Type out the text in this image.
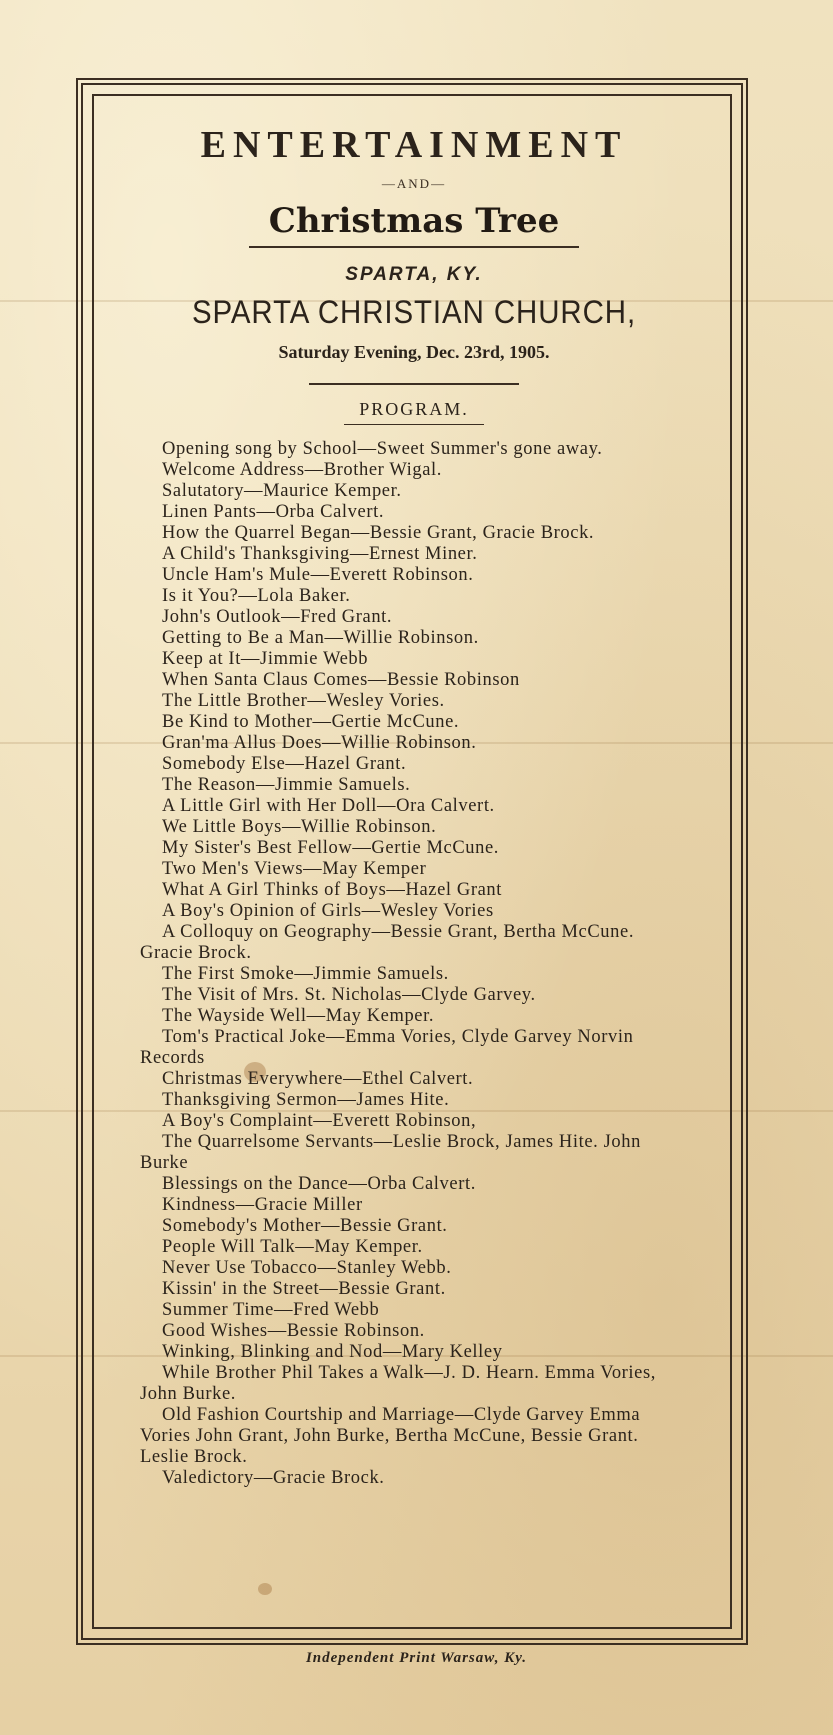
ENTERTAINMENT
—AND—
Christmas Tree
SPARTA, KY.
SPARTA CHRISTIAN CHURCH,
Saturday Evening, Dec. 23rd, 1905.
PROGRAM.
Opening song by School—Sweet Summer's gone away.
Welcome Address—Brother Wigal.
Salutatory—Maurice Kemper.
Linen Pants—Orba Calvert.
How the Quarrel Began—Bessie Grant, Gracie Brock.
A Child's Thanksgiving—Ernest Miner.
Uncle Ham's Mule—Everett Robinson.
Is it You?—Lola Baker.
John's Outlook—Fred Grant.
Getting to Be a Man—Willie Robinson.
Keep at It—Jimmie Webb
When Santa Claus Comes—Bessie Robinson
The Little Brother—Wesley Vories.
Be Kind to Mother—Gertie McCune.
Gran'ma Allus Does—Willie Robinson.
Somebody Else—Hazel Grant.
The Reason—Jimmie Samuels.
A Little Girl with Her Doll—Ora Calvert.
We Little Boys—Willie Robinson.
My Sister's Best Fellow—Gertie McCune.
Two Men's Views—May Kemper
What A Girl Thinks of Boys—Hazel Grant
A Boy's Opinion of Girls—Wesley Vories
A Colloquy on Geography—Bessie Grant, Bertha McCune. Gracie Brock.
The First Smoke—Jimmie Samuels.
The Visit of Mrs. St. Nicholas—Clyde Garvey.
The Wayside Well—May Kemper.
Tom's Practical Joke—Emma Vories, Clyde Garvey Norvin Records
Christmas Everywhere—Ethel Calvert.
Thanksgiving Sermon—James Hite.
A Boy's Complaint—Everett Robinson,
The Quarrelsome Servants—Leslie Brock, James Hite. John Burke
Blessings on the Dance—Orba Calvert.
Kindness—Gracie Miller
Somebody's Mother—Bessie Grant.
People Will Talk—May Kemper.
Never Use Tobacco—Stanley Webb.
Kissin' in the Street—Bessie Grant.
Summer Time—Fred Webb
Good Wishes—Bessie Robinson.
Winking, Blinking and Nod—Mary Kelley
While Brother Phil Takes a Walk—J. D. Hearn. Emma Vories, John Burke.
Old Fashion Courtship and Marriage—Clyde Garvey Emma Vories John Grant, John Burke, Bertha McCune, Bessie Grant. Leslie Brock.
Valedictory—Gracie Brock.
Independent Print Warsaw, Ky.
